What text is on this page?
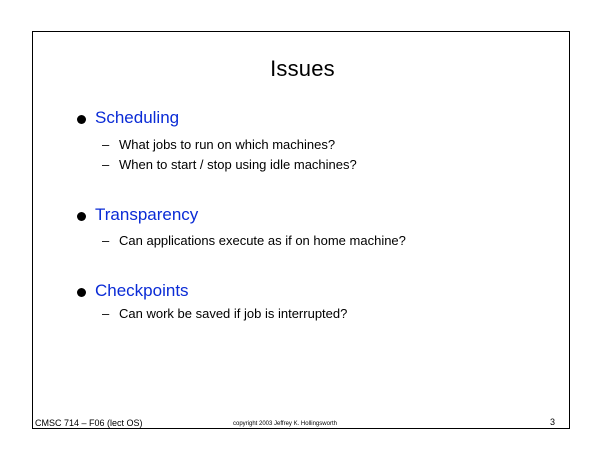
Issues
Scheduling
– What jobs to run on which machines?
– When to start / stop using idle machines?
Transparency
– Can applications execute as if on home machine?
Checkpoints
– Can work be saved if job is interrupted?
CMSC 714 – F06 (lect OS)	copyright 2003 Jeffrey K. Hollingsworth	3
